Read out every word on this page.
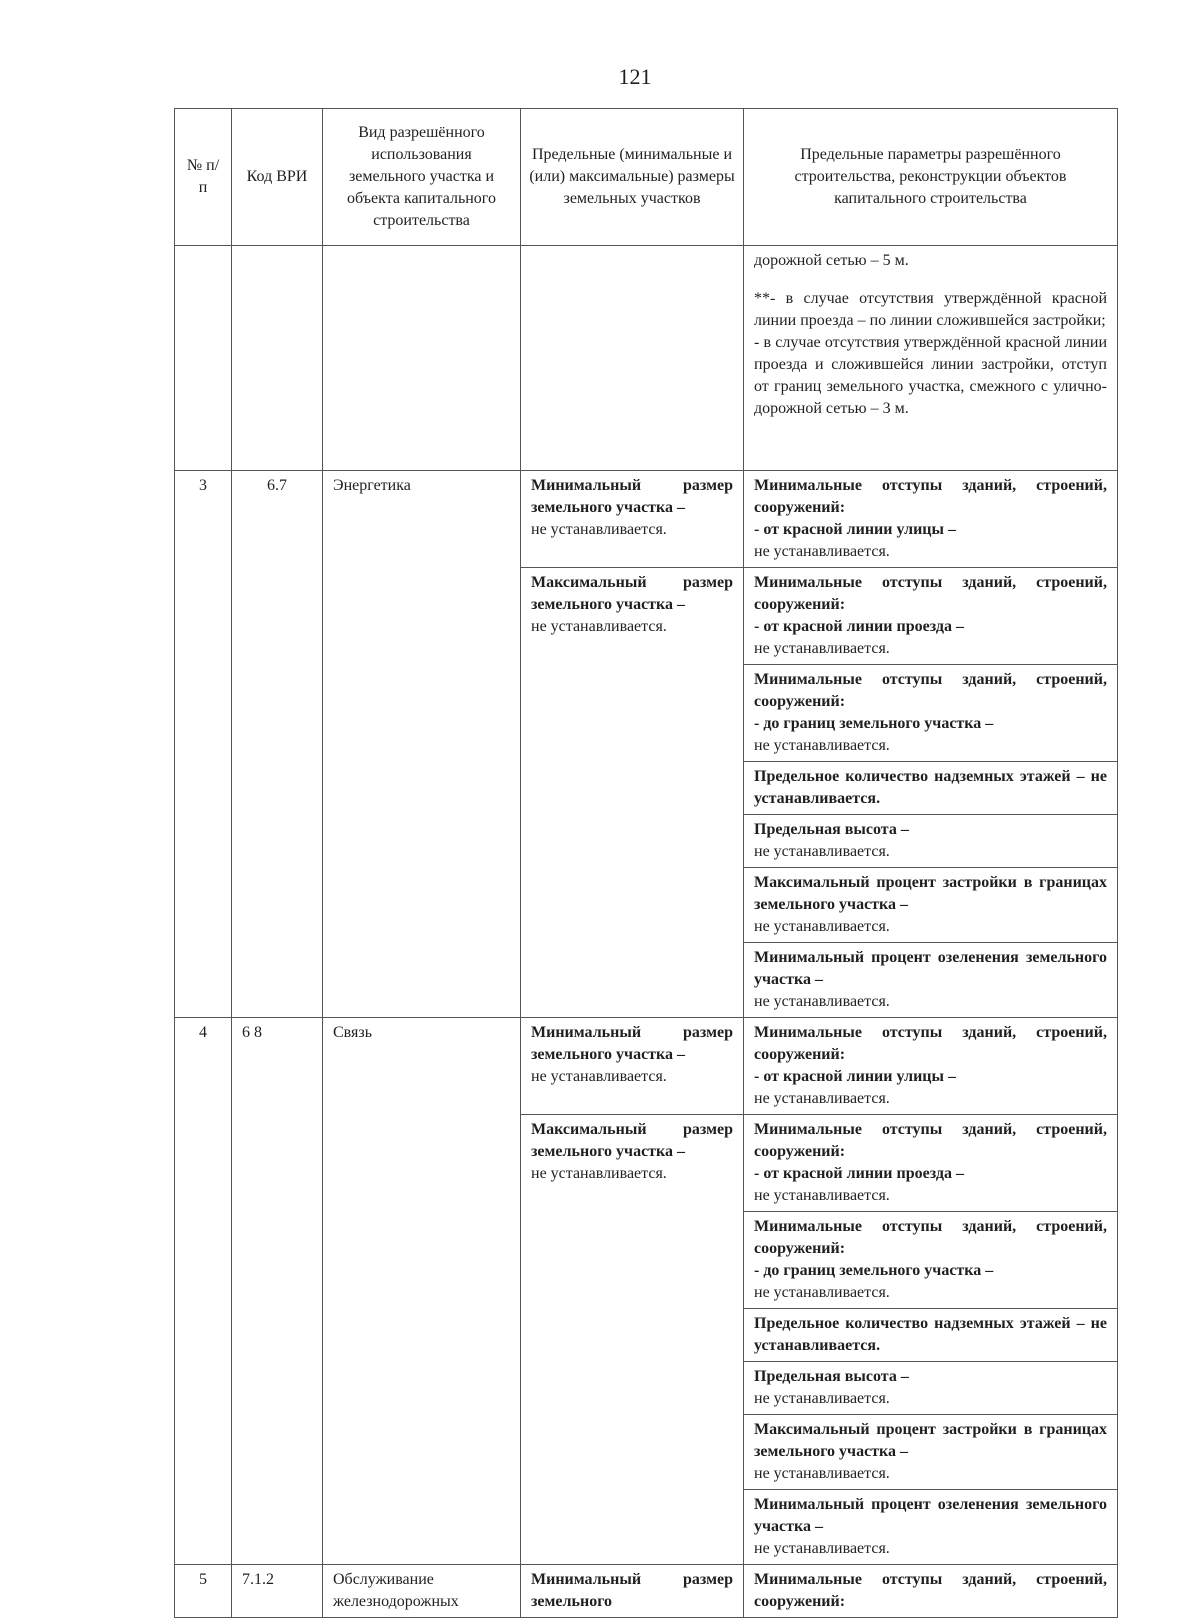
121
№ п/п	Код ВРИ	Вид разрешённого использования земельного участка и объекта капитального строительства	Предельные (минимальные и (или) максимальные) размеры земельных участков	Предельные параметры разрешённого строительства, реконструкции объектов капитального строительства

				дорожной сетью – 5 м.
**- в случае отсутствия утверждённой красной линии проезда – по линии сложившейся застройки;
- в случае отсутствия утверждённой красной линии проезда и сложившейся линии застройки, отступ от границ земельного участка, смежного с улично-дорожной сетью – 3 м.

3	6.7	Энергетика	Минимальный размер земельного участка –
не устанавливается.	Минимальные отступы зданий, строений, сооружений:
- от красной линии улицы –
не устанавливается.

			Максимальный размер земельного участка –
не устанавливается.	Минимальные отступы зданий, строений, сооружений:
- от красной линии проезда –
не устанавливается.

				Минимальные отступы зданий, строений, сооружений:
- до границ земельного участка –
не устанавливается.

				Предельное количество надземных этажей – не устанавливается.

				Предельная высота –
не устанавливается.

				Максимальный процент застройки в границах земельного участка –
не устанавливается.

				Минимальный процент озеленения земельного участка –
не устанавливается.

4	6 8	Связь	Минимальный размер земельного участка –
не устанавливается.	Минимальные отступы зданий, строений, сооружений:
- от красной линии улицы –
не устанавливается.

			Максимальный размер земельного участка –
не устанавливается.	Минимальные отступы зданий, строений, сооружений:
- от красной линии проезда –
не устанавливается.

				Минимальные отступы зданий, строений, сооружений:
- до границ земельного участка –
не устанавливается.

				Предельное количество надземных этажей – не устанавливается.

				Предельная высота –
не устанавливается.

				Максимальный процент застройки в границах земельного участка –
не устанавливается.

				Минимальный процент озеленения земельного участка –
не устанавливается.

5	7.1.2	Обслуживание железнодорожных	Минимальный размер земельного	Минимальные отступы зданий, строений, сооружений:
